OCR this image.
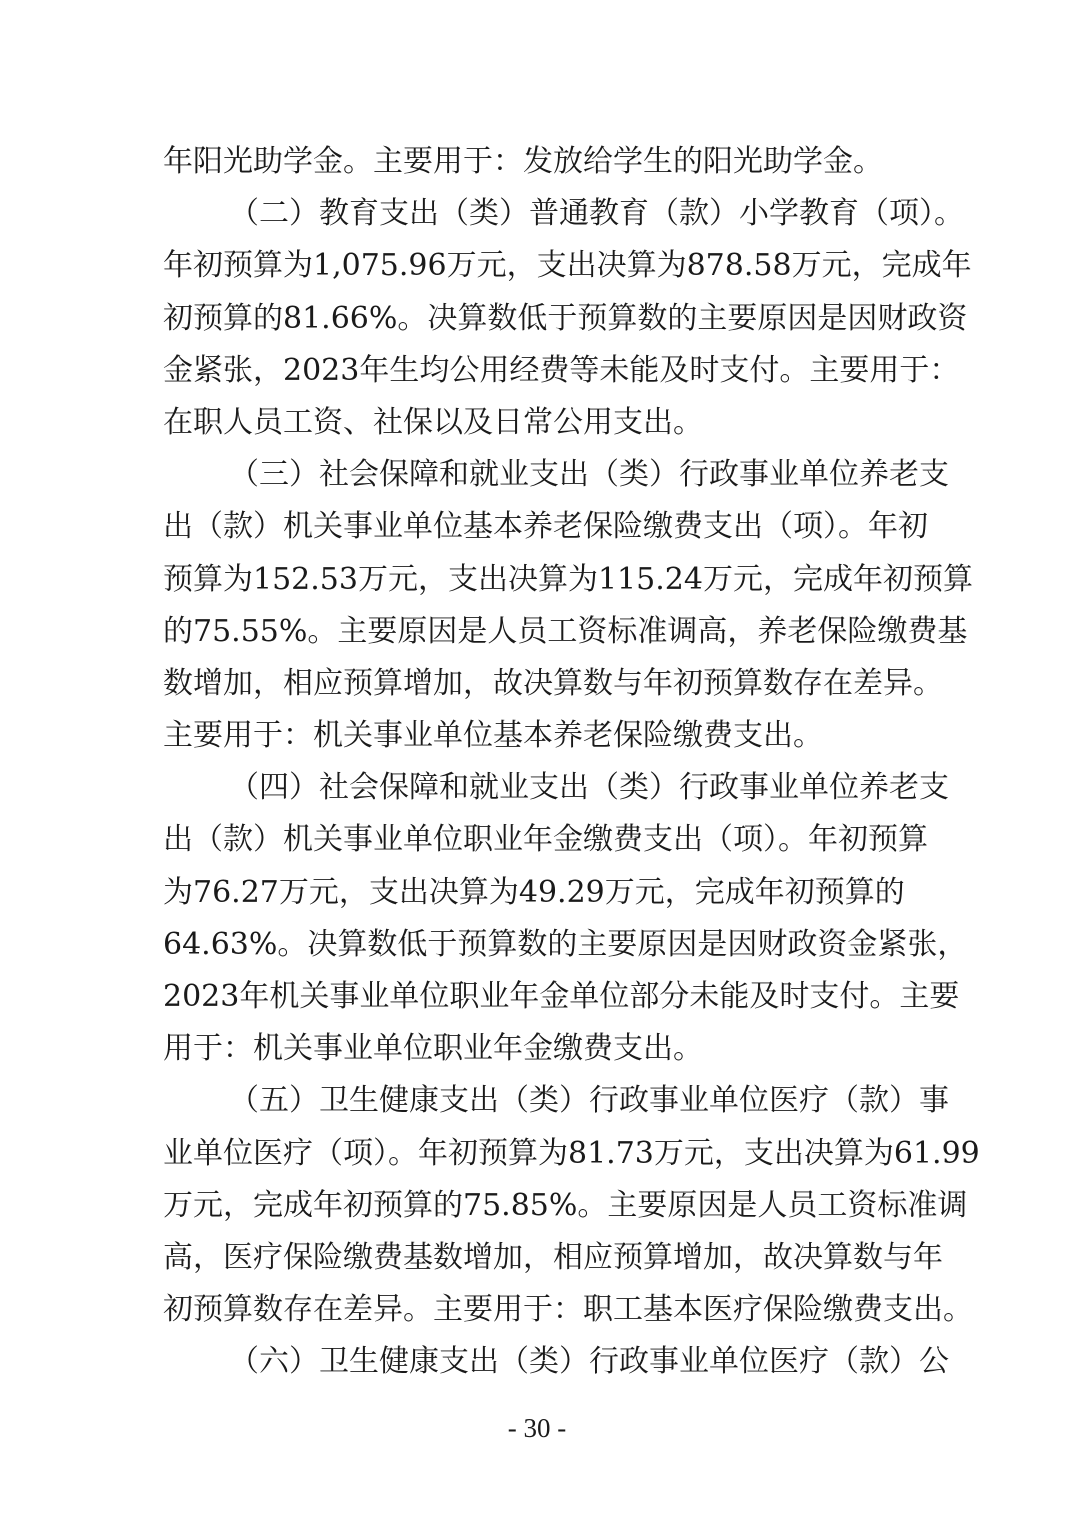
年阳光助学金。主要用于：发放给学生的阳光助学金。
（二）教育支出（类）普通教育（款）小学教育（项）。
年初预算为1,075.96万元，支出决算为878.58万元，完成年
初预算的81.66%。决算数低于预算数的主要原因是因财政资
金紧张，2023年生均公用经费等未能及时支付。主要用于：
在职人员工资、社保以及日常公用支出。
（三）社会保障和就业支出（类）行政事业单位养老支
出（款）机关事业单位基本养老保险缴费支出（项）。年初
预算为152.53万元，支出决算为115.24万元，完成年初预算
的75.55%。主要原因是人员工资标准调高，养老保险缴费基
数增加，相应预算增加，故决算数与年初预算数存在差异。
主要用于：机关事业单位基本养老保险缴费支出。
（四）社会保障和就业支出（类）行政事业单位养老支
出（款）机关事业单位职业年金缴费支出（项）。年初预算
为76.27万元，支出决算为49.29万元，完成年初预算的
64.63%。决算数低于预算数的主要原因是因财政资金紧张，
2023年机关事业单位职业年金单位部分未能及时支付。主要
用于：机关事业单位职业年金缴费支出。
（五）卫生健康支出（类）行政事业单位医疗（款）事
业单位医疗（项）。年初预算为81.73万元，支出决算为61.99
万元，完成年初预算的75.85%。主要原因是人员工资标准调
高，医疗保险缴费基数增加，相应预算增加，故决算数与年
初预算数存在差异。主要用于：职工基本医疗保险缴费支出。
（六）卫生健康支出（类）行政事业单位医疗（款）公
- 30 -
